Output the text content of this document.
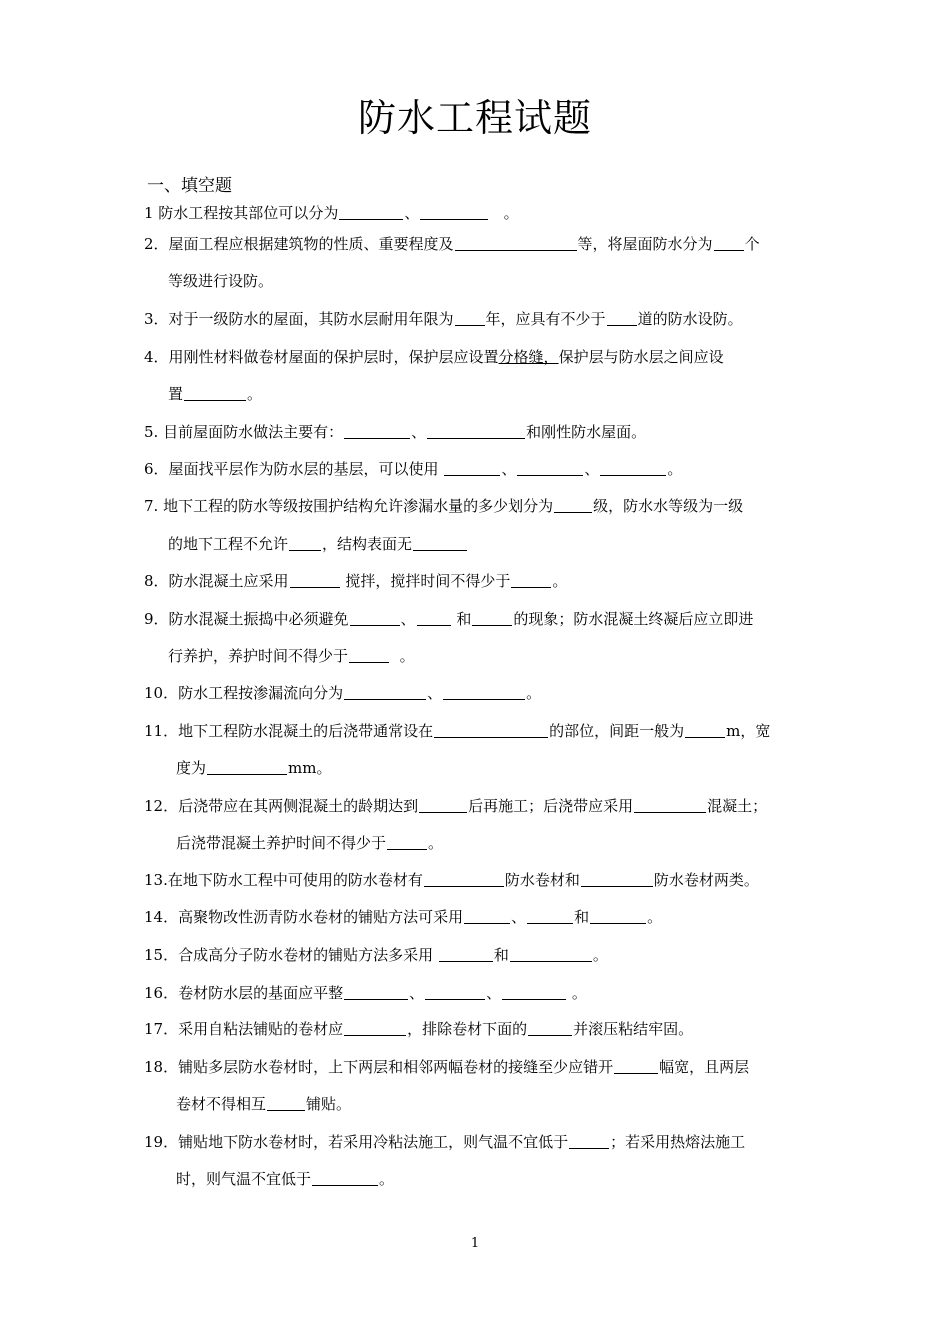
防水工程试题
一、填空题
1 防水工程按其部位可以分为	、	。
2．屋面工程应根据建筑物的性质、重要程度及	等，将屋面防水分为 个
等级进行设防。
3．对于一级防水的屋面，其防水层耐用年限为 年，应具有不少于 道的防水设防。
4．用刚性材料做卷材屋面的保护层时，保护层应设置分格缝，保护层与防水层之间应设
置	。
5. 目前屋面防水做法主要有：	、	和刚性防水屋面。
6．屋面找平层作为防水层的基层，可以使用	、	、	。
7. 地下工程的防水等级按围护结构允许渗漏水量的多少划分为	级，防水水等级为一级
的地下工程不允许 ，结构表面无
8．防水混凝土应采用	搅拌，搅拌时间不得少于	。
9．防水混凝土振捣中必须避免	、	和	的现象；防水混凝土终凝后应立即进
行养护，养护时间不得少于	。
10．防水工程按渗漏流向分为	、	。
11．地下工程防水混凝土的后浇带通常设在	的部位，间距一般为	m，宽
度为	mm。
12．后浇带应在其两侧混凝土的龄期达到	后再施工；后浇带应采用	混凝土；
后浇带混凝土养护时间不得少于	。
13.在地下防水工程中可使用的防水卷材有	防水卷材和	防水卷材两类。
14．高聚物改性沥青防水卷材的铺贴方法可采用	、	和	。
15．合成高分子防水卷材的铺贴方法多采用	和	。
16．卷材防水层的基面应平整	、	、	。
17．采用自粘法铺贴的卷材应	，排除卷材下面的	并滚压粘结牢固。
18．铺贴多层防水卷材时，上下两层和相邻两幅卷材的接缝至少应错开	幅宽，且两层
卷材不得相互	铺贴。
19．铺贴地下防水卷材时，若采用冷粘法施工，则气温不宜低于	；若采用热熔法施工
时，则气温不宜低于	。
1
